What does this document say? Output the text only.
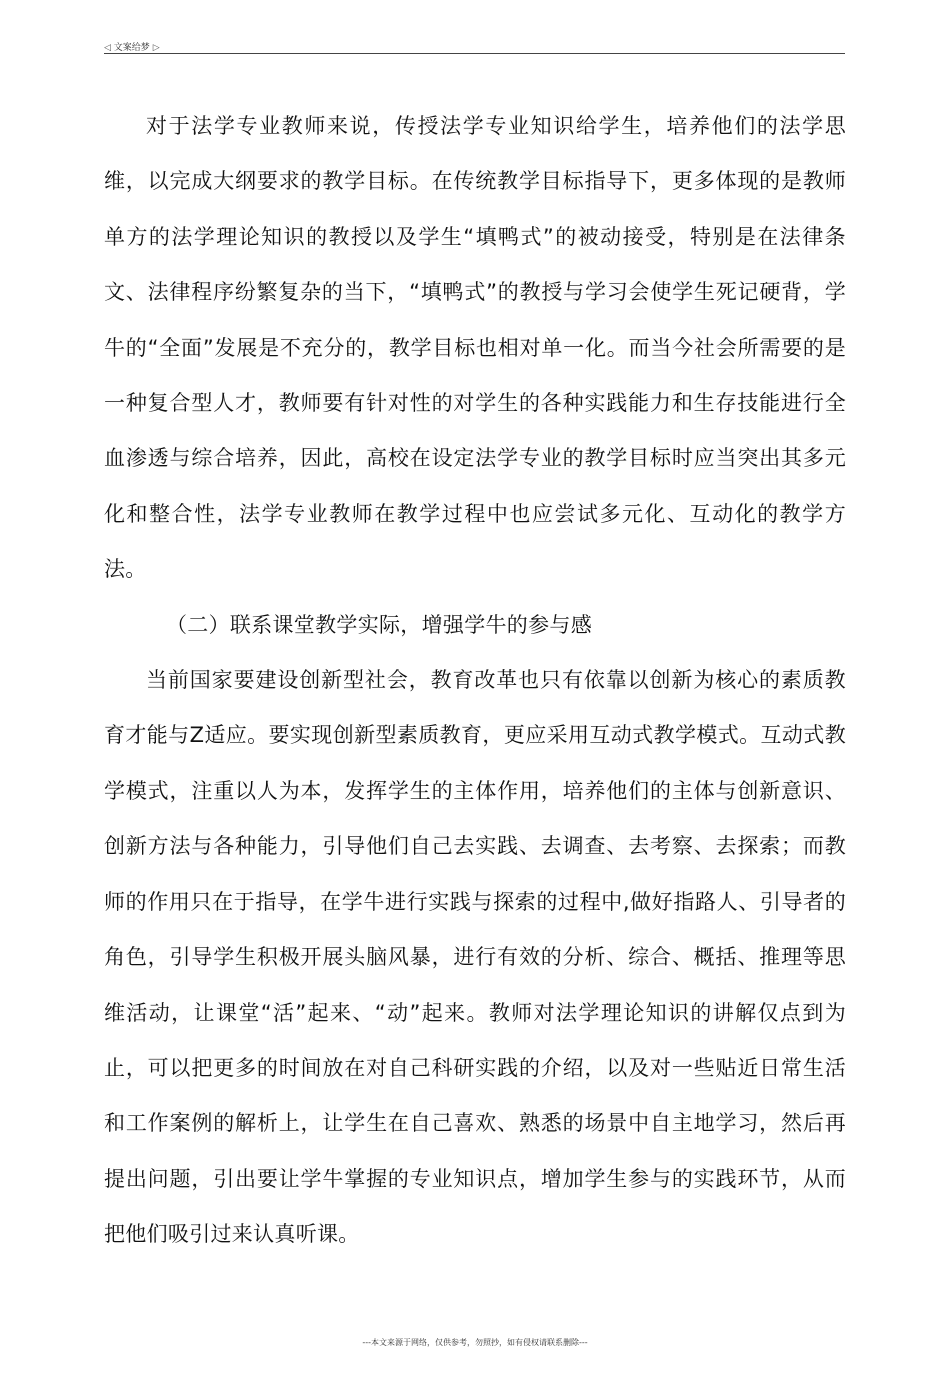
◁ 文案给梦 ▷

对于法学专业教师来说，传授法学专业知识给学生，培养他们的法学思维，以完成大纲要求的教学目标。在传统教学目标指导下，更多体现的是教师单方的法学理论知识的教授以及学生“填鸭式”的被动接受，特别是在法律条文、法律程序纷繁复杂的当下，“填鸭式”的教授与学习会使学生死记硬背，学牛的“全面”发展是不充分的，教学目标也相对单一化。而当今社会所需要的是一种复合型人才，教师要有针对性的对学生的各种实践能力和生存技能进行全血渗透与综合培养，因此，高校在设定法学专业的教学目标时应当突出其多元化和整合性，法学专业教师在教学过程中也应尝试多元化、互动化的教学方法。

（二）联系课堂教学实际，增强学牛的参与感

当前国家要建设创新型社会，教育改革也只有依靠以创新为核心的素质教育才能与Z适应。要实现创新型素质教育，更应采用互动式教学模式。互动式教学模式，注重以人为本，发挥学生的主体作用，培养他们的主体与创新意识、创新方法与各种能力，引导他们自己去实践、去调查、去考察、去探索；而教师的作用只在于指导，在学牛进行实践与探索的过程中,做好指路人、引导者的角色，引导学生积极开展头脑风暴，进行有效的分析、综合、概括、推理等思维活动，让课堂“活”起来、“动”起来。教师对法学理论知识的讲解仅点到为止，可以把更多的时间放在对自己科研实践的介绍，以及对一些贴近日常生活和工作案例的解析上，让学生在自己喜欢、熟悉的场景中自主地学习，然后再提出问题，引出要让学牛掌握的专业知识点，增加学生参与的实践环节，从而把他们吸引过来认真听课。

---本文来源于网络，仅供参考，勿照抄，如有侵权请联系删除---
